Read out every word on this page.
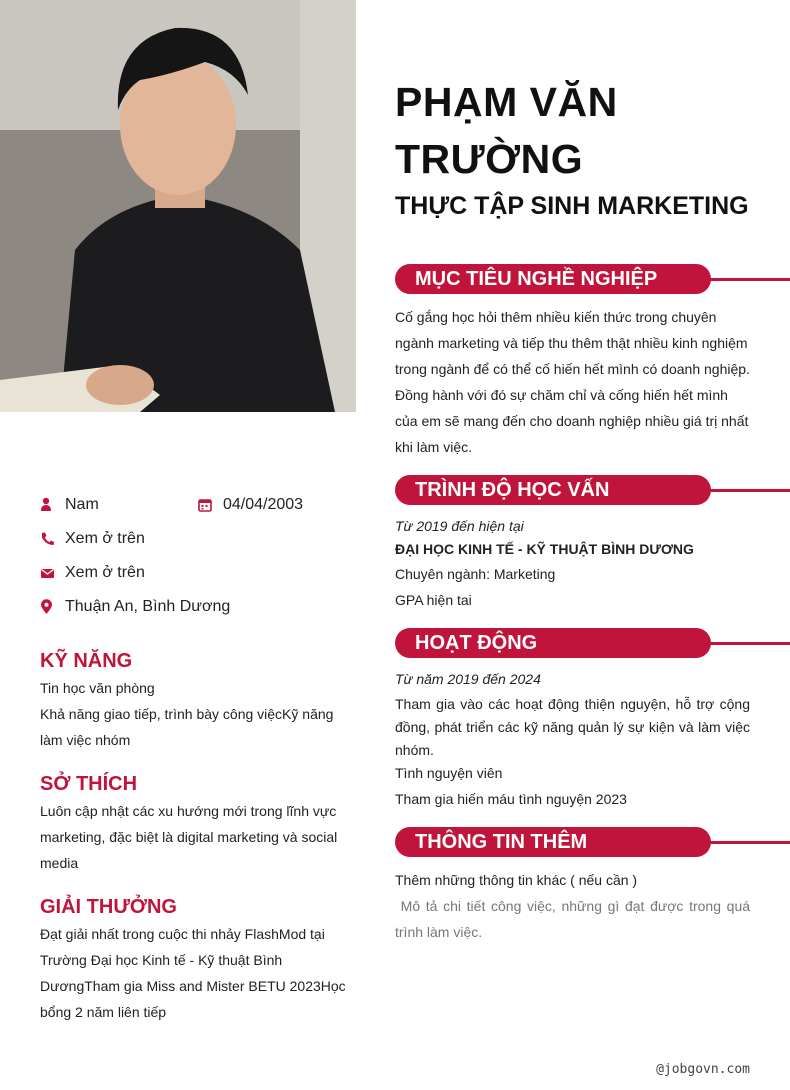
PHẠM VĂN TRƯỜNG
THỰC TẬP SINH MARKETING
Nam	04/04/2003
Xem ở trên
Xem ở trên
Thuận An, Bình Dương
KỸ NĂNG
Tin học văn phòng
Khả năng giao tiếp, trình bày công việcKỹ năng làm việc nhóm
SỞ THÍCH
Luôn cập nhật các xu hướng mới trong lĩnh vực marketing, đặc biệt là digital marketing và social media
GIẢI THƯỞNG
Đạt giải nhất trong cuộc thi nhảy FlashMod tại Trường Đại học Kinh tế - Kỹ thuật Bình DươngTham gia Miss and Mister BETU 2023Học bổng 2 năm liên tiếp
MỤC TIÊU NGHỀ NGHIỆP
Cố gắng học hỏi thêm nhiều kiến thức trong chuyên ngành marketing và tiếp thu thêm thật nhiều kinh nghiệm trong ngành để có thể cố hiến hết mình có doanh nghiệp. Đồng hành với đó sự chăm chỉ và cống hiến hết mình của em sẽ mang đến cho doanh nghiệp nhiều giá trị nhất khi làm việc.
TRÌNH ĐỘ HỌC VẤN
Từ 2019 đến hiện tại
ĐẠI HỌC KINH TẾ - KỸ THUẬT BÌNH DƯƠNG
Chuyên ngành: Marketing
GPA hiện tai
HOẠT ĐỘNG
Từ năm 2019 đến 2024
Tham gia vào các hoạt động thiện nguyện, hỗ trợ cộng đồng, phát triển các kỹ năng quản lý sự kiện và làm việc nhóm.
Tình nguyện viên
Tham gia hiến máu tình nguyện 2023
THÔNG TIN THÊM
Thêm những thông tin khác ( nếu cần )
Mô tả chi tiết công việc, những gì đạt được trong quá trình làm việc.
@jobgovn.com
